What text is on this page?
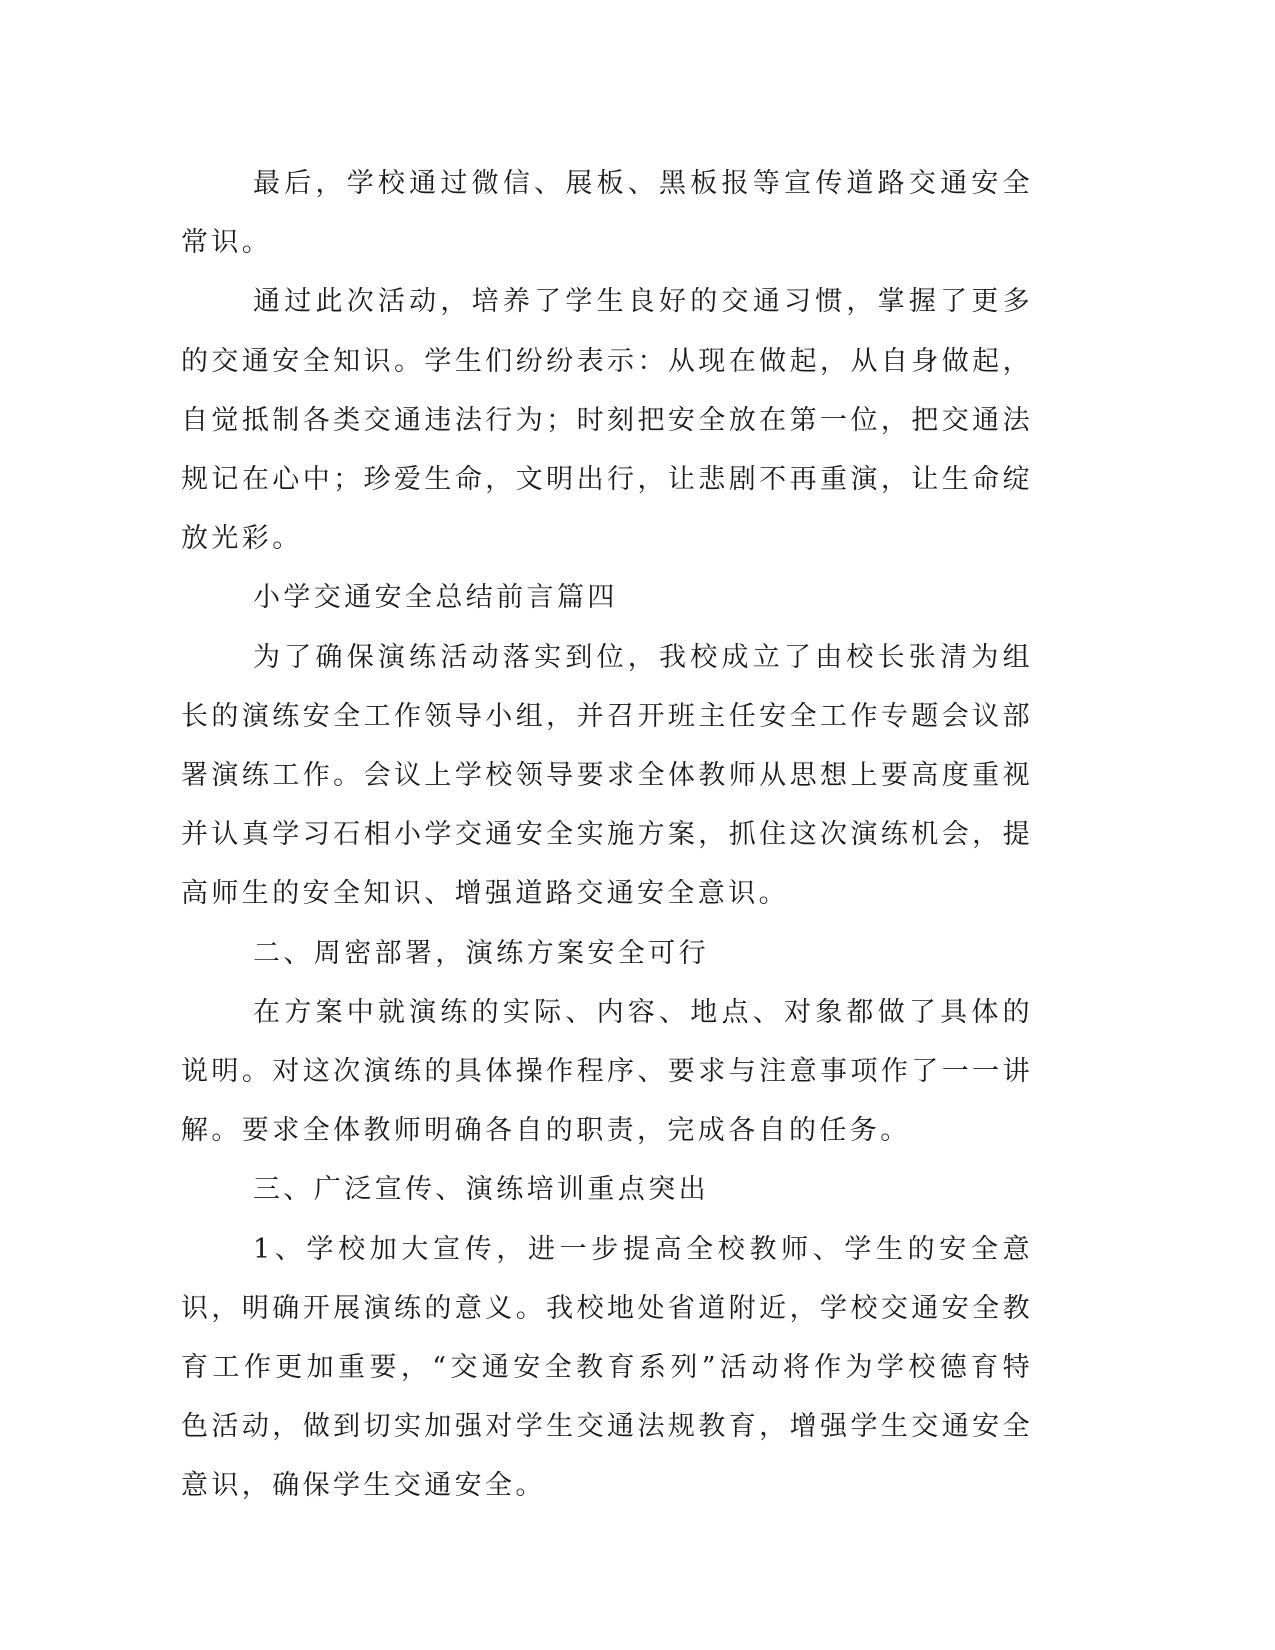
最后，学校通过微信、展板、黑板报等宣传道路交通安全常识。

通过此次活动，培养了学生良好的交通习惯，掌握了更多的交通安全知识。学生们纷纷表示：从现在做起，从自身做起，自觉抵制各类交通违法行为；时刻把安全放在第一位，把交通法规记在心中；珍爱生命，文明出行，让悲剧不再重演，让生命绽放光彩。

小学交通安全总结前言篇四

为了确保演练活动落实到位，我校成立了由校长张清为组长的演练安全工作领导小组，并召开班主任安全工作专题会议部署演练工作。会议上学校领导要求全体教师从思想上要高度重视并认真学习石相小学交通安全实施方案，抓住这次演练机会，提高师生的安全知识、增强道路交通安全意识。

二、周密部署，演练方案安全可行

在方案中就演练的实际、内容、地点、对象都做了具体的说明。对这次演练的具体操作程序、要求与注意事项作了一一讲解。要求全体教师明确各自的职责，完成各自的任务。

三、广泛宣传、演练培训重点突出

1、学校加大宣传，进一步提高全校教师、学生的安全意识，明确开展演练的意义。我校地处省道附近，学校交通安全教育工作更加重要，“交通安全教育系列”活动将作为学校德育特色活动，做到切实加强对学生交通法规教育，增强学生交通安全意识，确保学生交通安全。
